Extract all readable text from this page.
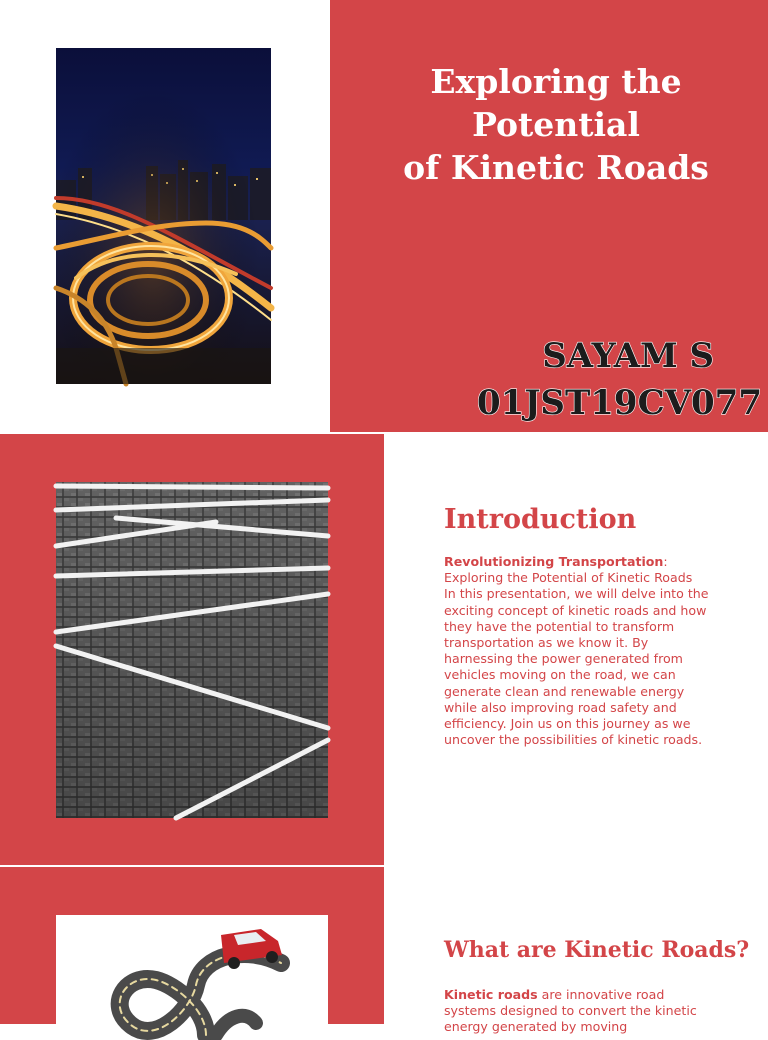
Exploring the Potential
of Kinetic Roads

SAYAM S

01JST19CV077

Introduction

Revolutionizing Transportation: Exploring the Potential of Kinetic Roads
In this presentation, we will delve into the exciting concept of kinetic roads and how they have the potential to transform transportation as we know it. By harnessing the power generated from vehicles moving on the road, we can generate clean and renewable energy while also improving road safety and efficiency. Join us on this journey as we uncover the possibilities of kinetic roads.

What are Kinetic Roads?

Kinetic roads are innovative road systems designed to convert the kinetic energy generated by moving
